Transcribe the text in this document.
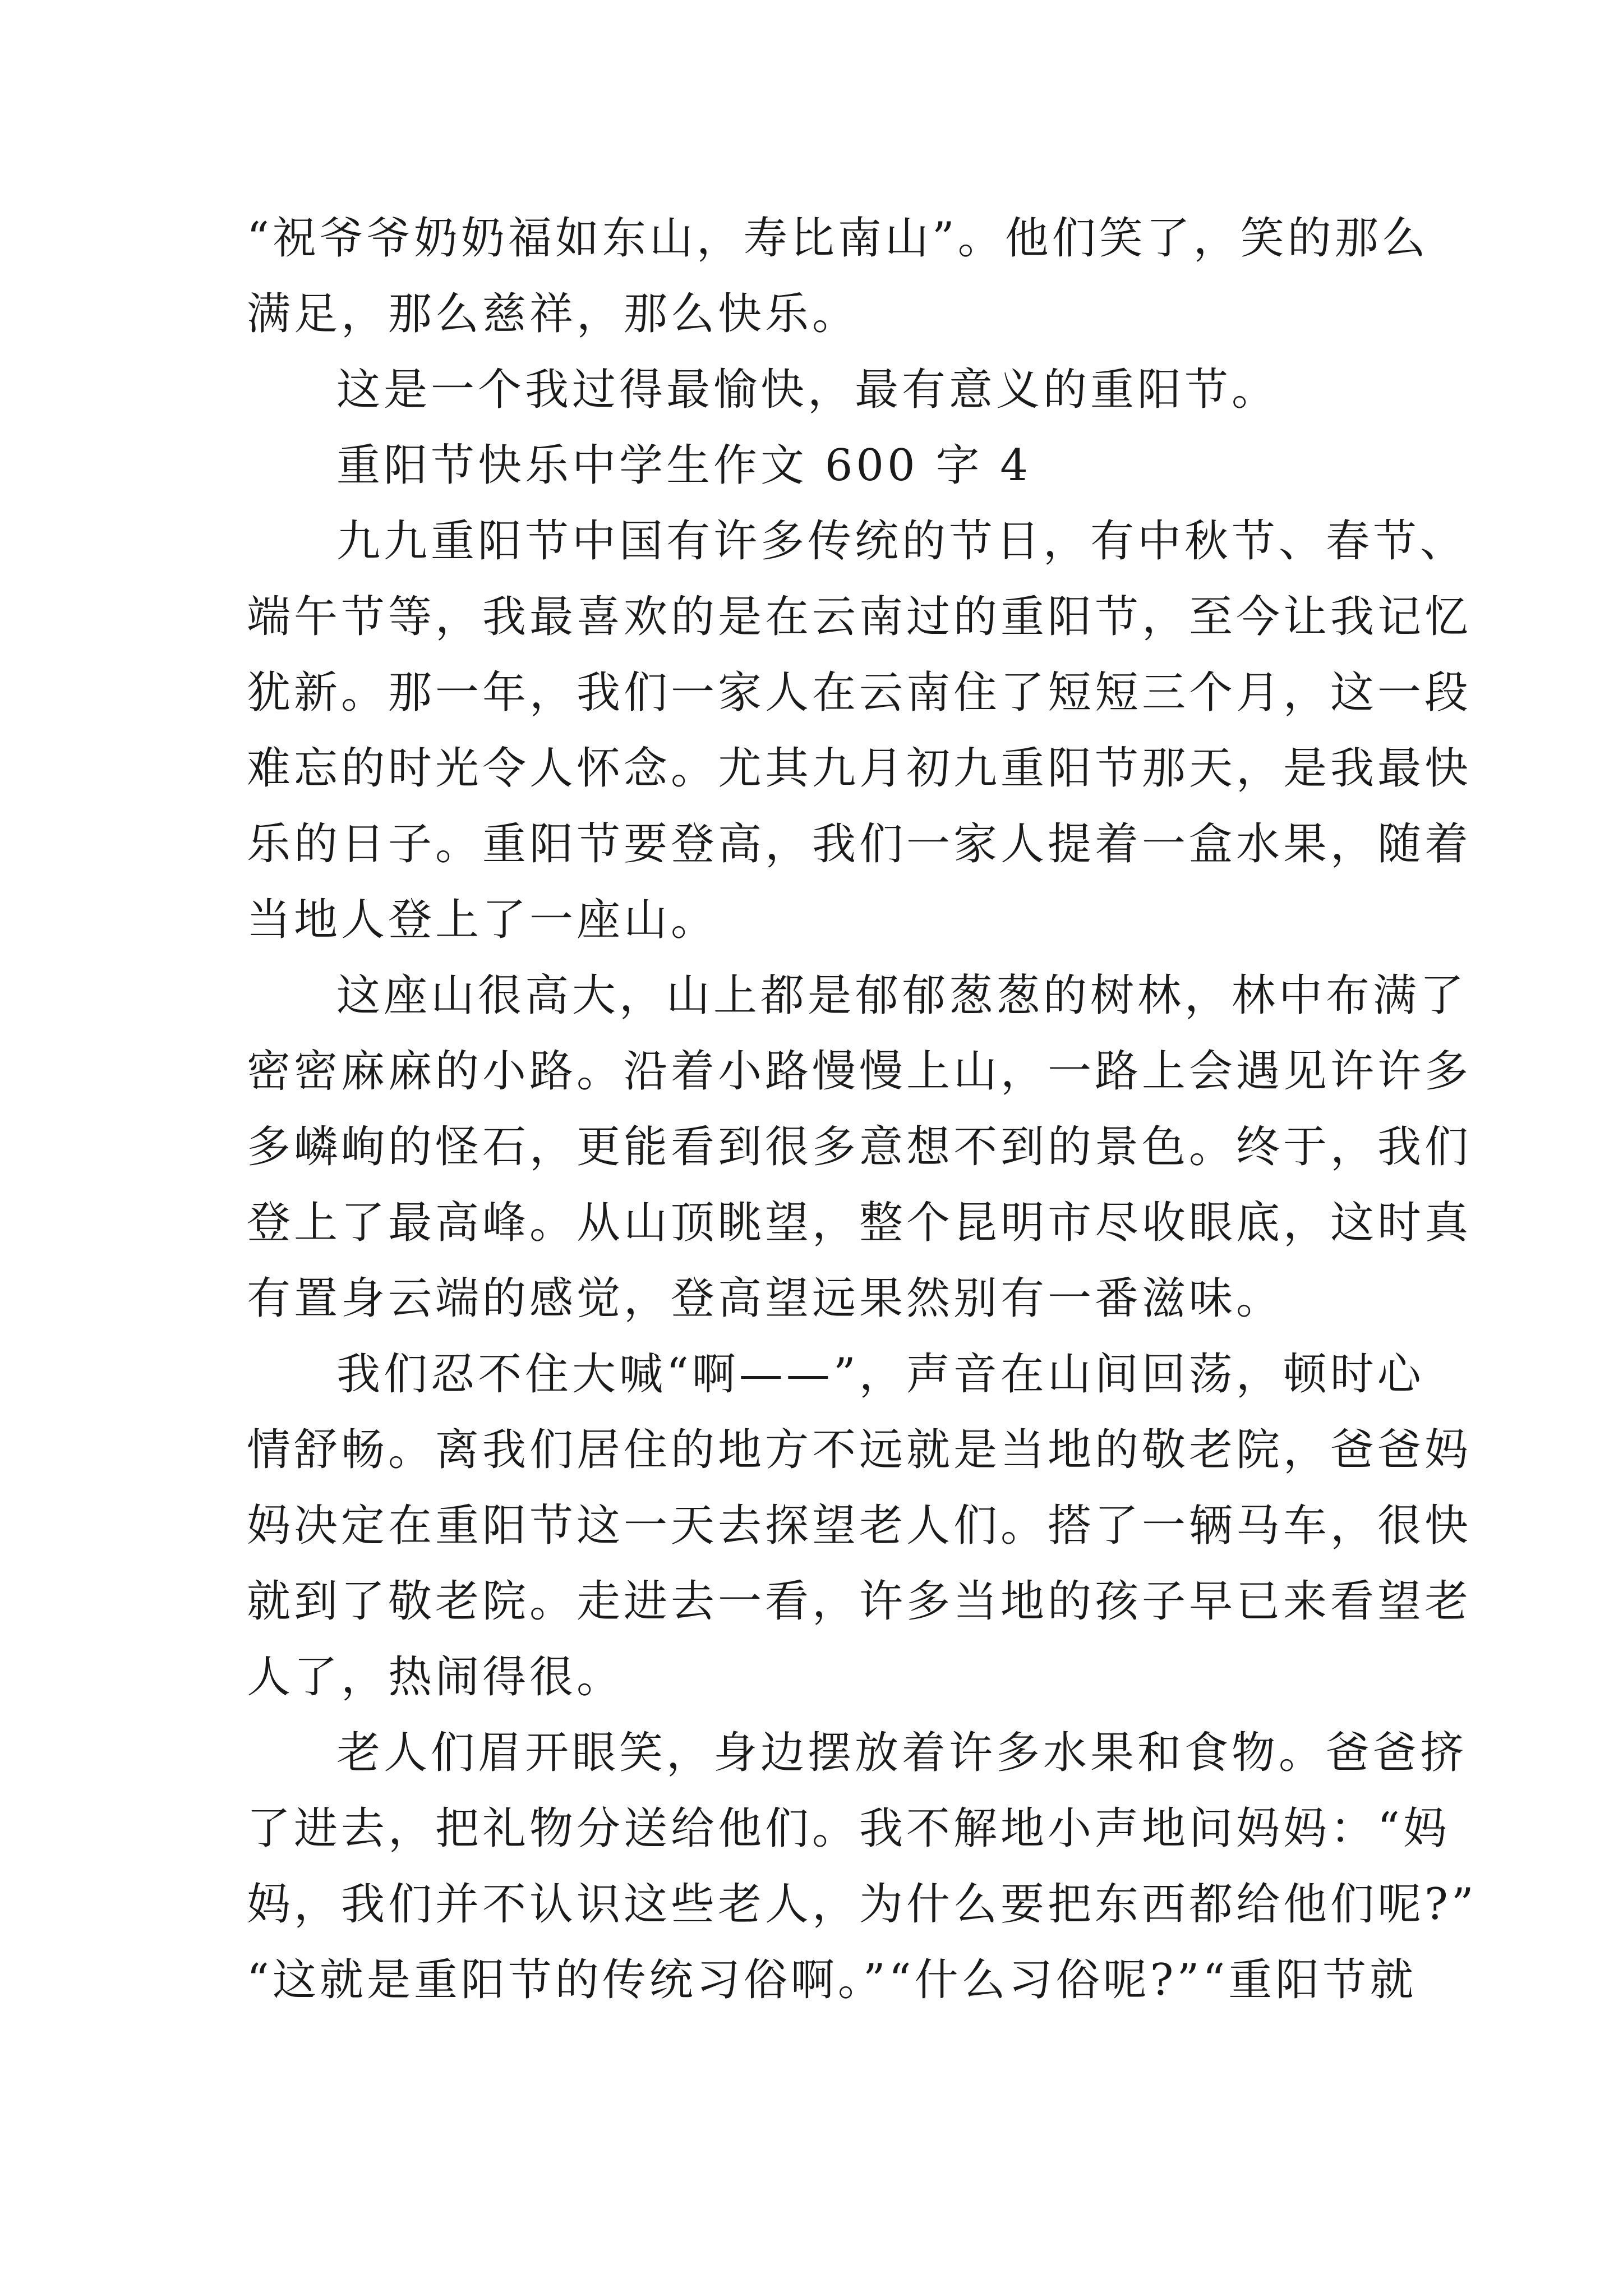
“祝爷爷奶奶福如东山，寿比南山”。他们笑了，笑的那么

满足，那么慈祥，那么快乐。

这是一个我过得最愉快，最有意义的重阳节。

重阳节快乐中学生作文 600 字 4

九九重阳节中国有许多传统的节日，有中秋节、春节、

端午节等，我最喜欢的是在云南过的重阳节，至今让我记忆

犹新。那一年，我们一家人在云南住了短短三个月，这一段

难忘的时光令人怀念。尤其九月初九重阳节那天，是我最快

乐的日子。重阳节要登高，我们一家人提着一盒水果，随着

当地人登上了一座山。

这座山很高大，山上都是郁郁葱葱的树林，林中布满了

密密麻麻的小路。沿着小路慢慢上山，一路上会遇见许许多

多嶙峋的怪石，更能看到很多意想不到的景色。终于，我们

登上了最高峰。从山顶眺望，整个昆明市尽收眼底，这时真

有置身云端的感觉，登高望远果然别有一番滋味。

我们忍不住大喊“啊——”，声音在山间回荡，顿时心

情舒畅。离我们居住的地方不远就是当地的敬老院，爸爸妈

妈决定在重阳节这一天去探望老人们。搭了一辆马车，很快

就到了敬老院。走进去一看，许多当地的孩子早已来看望老

人了，热闹得很。

老人们眉开眼笑，身边摆放着许多水果和食物。爸爸挤

了进去，把礼物分送给他们。我不解地小声地问妈妈：“妈

妈，我们并不认识这些老人，为什么要把东西都给他们呢?”

“这就是重阳节的传统习俗啊。”“什么习俗呢?”“重阳节就
